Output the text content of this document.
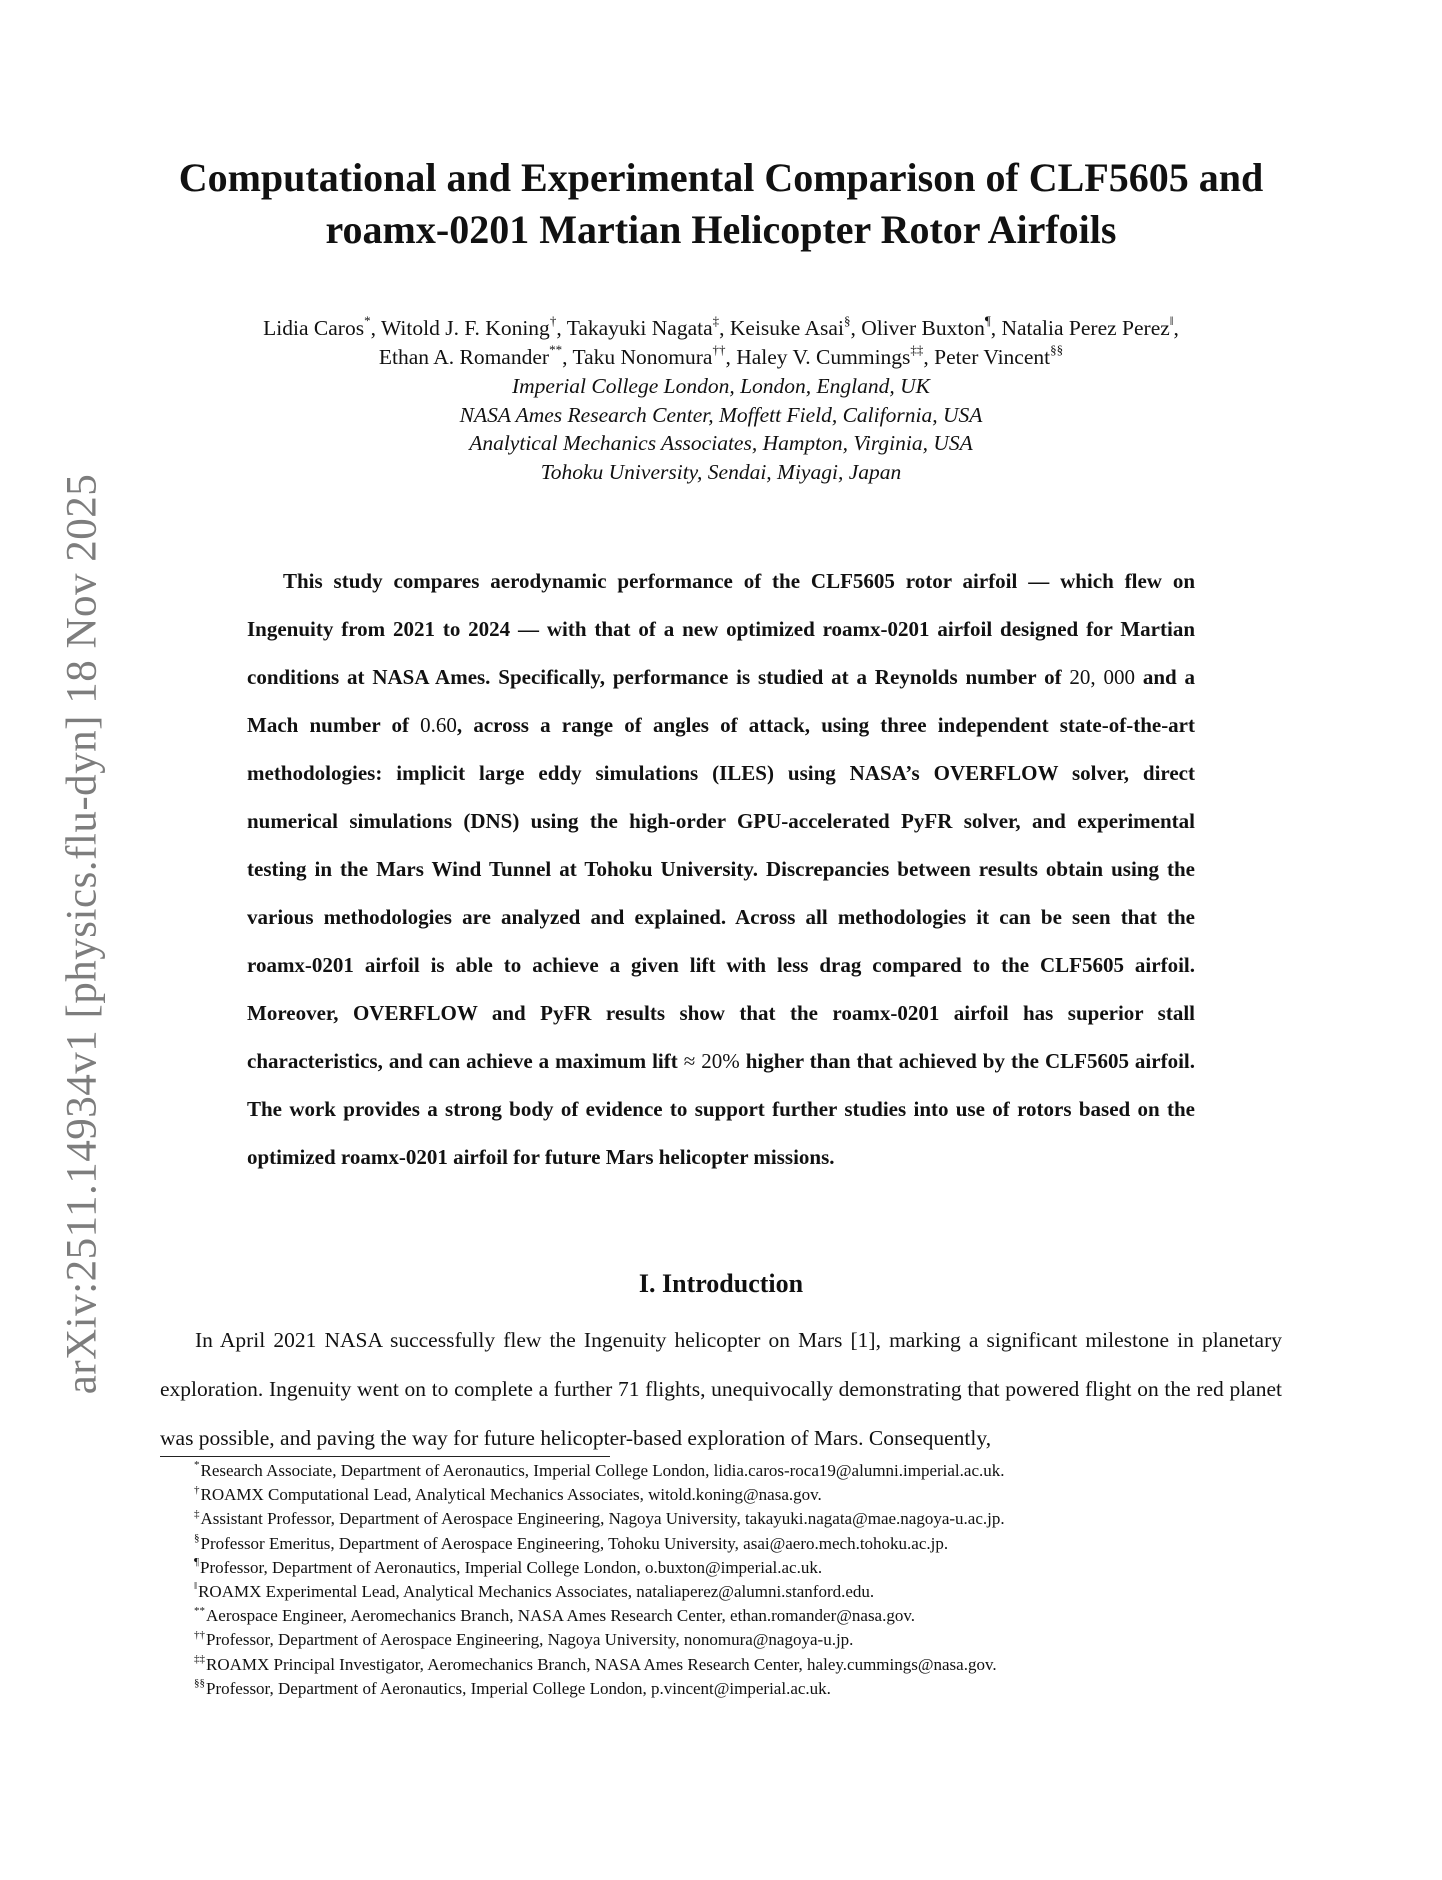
arXiv:2511.14934v1 [physics.flu-dyn] 18 Nov 2025
Computational and Experimental Comparison of CLF5605 and
roamx-0201 Martian Helicopter Rotor Airfoils
Lidia Caros*, Witold J. F. Koning†, Takayuki Nagata‡, Keisuke Asai§, Oliver Buxton¶, Natalia Perez Perez‖,
Ethan A. Romander**, Taku Nonomura††, Haley V. Cummings‡‡, Peter Vincent§§
Imperial College London, London, England, UK
NASA Ames Research Center, Moffett Field, California, USA
Analytical Mechanics Associates, Hampton, Virginia, USA
Tohoku University, Sendai, Miyagi, Japan
This study compares aerodynamic performance of the CLF5605 rotor airfoil — which flew on Ingenuity from 2021 to 2024 — with that of a new optimized roamx-0201 airfoil designed for Martian conditions at NASA Ames. Specifically, performance is studied at a Reynolds number of 20, 000 and a Mach number of 0.60, across a range of angles of attack, using three independent state-of-the-art methodologies: implicit large eddy simulations (ILES) using NASA’s OVERFLOW solver, direct numerical simulations (DNS) using the high-order GPU-accelerated PyFR solver, and experimental testing in the Mars Wind Tunnel at Tohoku University. Discrepancies between results obtain using the various methodologies are analyzed and explained. Across all methodologies it can be seen that the roamx-0201 airfoil is able to achieve a given lift with less drag compared to the CLF5605 airfoil. Moreover, OVERFLOW and PyFR results show that the roamx-0201 airfoil has superior stall characteristics, and can achieve a maximum lift ≈ 20% higher than that achieved by the CLF5605 airfoil. The work provides a strong body of evidence to support further studies into use of rotors based on the optimized roamx-0201 airfoil for future Mars helicopter missions.
I. Introduction
In April 2021 NASA successfully flew the Ingenuity helicopter on Mars [1], marking a significant milestone in planetary exploration. Ingenuity went on to complete a further 71 flights, unequivocally demonstrating that powered flight on the red planet was possible, and paving the way for future helicopter-based exploration of Mars. Consequently,
*Research Associate, Department of Aeronautics, Imperial College London, lidia.caros-roca19@alumni.imperial.ac.uk.
†ROAMX Computational Lead, Analytical Mechanics Associates, witold.koning@nasa.gov.
‡Assistant Professor, Department of Aerospace Engineering, Nagoya University, takayuki.nagata@mae.nagoya-u.ac.jp.
§Professor Emeritus, Department of Aerospace Engineering, Tohoku University, asai@aero.mech.tohoku.ac.jp.
¶Professor, Department of Aeronautics, Imperial College London, o.buxton@imperial.ac.uk.
‖ROAMX Experimental Lead, Analytical Mechanics Associates, nataliaperez@alumni.stanford.edu.
**Aerospace Engineer, Aeromechanics Branch, NASA Ames Research Center, ethan.romander@nasa.gov.
††Professor, Department of Aerospace Engineering, Nagoya University, nonomura@nagoya-u.jp.
‡‡ROAMX Principal Investigator, Aeromechanics Branch, NASA Ames Research Center, haley.cummings@nasa.gov.
§§Professor, Department of Aeronautics, Imperial College London, p.vincent@imperial.ac.uk.
